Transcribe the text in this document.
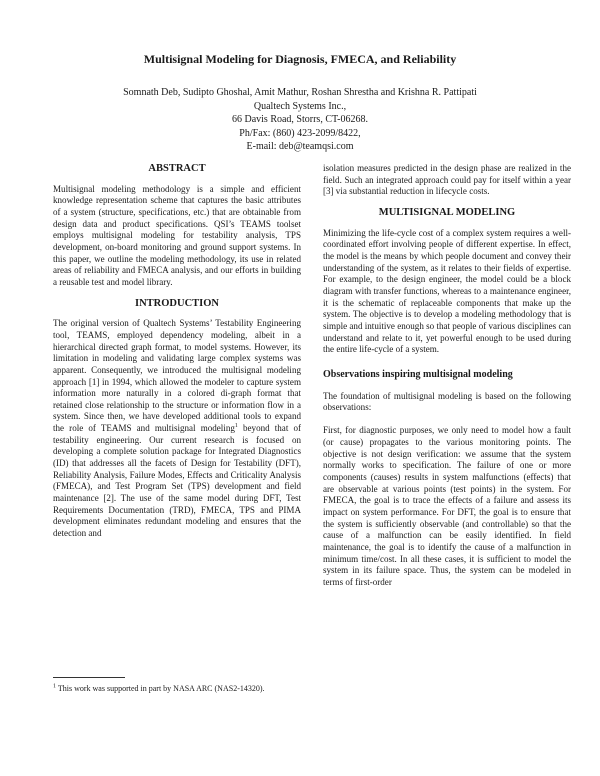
Multisignal Modeling for Diagnosis, FMECA, and Reliability
Somnath Deb, Sudipto Ghoshal, Amit Mathur, Roshan Shrestha and Krishna R. Pattipati
Qualtech Systems Inc.,
66 Davis Road, Storrs, CT-06268.
Ph/Fax: (860) 423-2099/8422,
E-mail: deb@teamqsi.com
ABSTRACT

Multisignal modeling methodology is a simple and efficient knowledge representation scheme that captures the basic attributes of a system (structure, specifications, etc.) that are obtainable from design data and product specifications. QSI’s TEAMS toolset employs multisignal modeling for testability analysis, TPS development, on-board monitoring and ground support systems. In this paper, we outline the modeling methodology, its use in related areas of reliability and FMECA analysis, and our efforts in building a reusable test and model library.

INTRODUCTION

The original version of Qualtech Systems’ Testability Engineering tool, TEAMS, employed dependency modeling, albeit in a hierarchical directed graph format, to model systems. However, its limitation in modeling and validating large complex systems was apparent. Consequently, we introduced the multisignal modeling approach [1] in 1994, which allowed the modeler to capture system information more naturally in a colored di-graph format that retained close relationship to the structure or information flow in a system. Since then, we have developed additional tools to expand the role of TEAMS and multisignal modeling$^1$ beyond that of testability engineering. Our current research is focused on developing a complete solution package for Integrated Diagnostics (ID) that addresses all the facets of Design for Testability (DFT), Reliability Analysis, Failure Modes, Effects and Criticality Analysis (FMECA), and Test Program Set (TPS) development and field maintenance [2]. The use of the same model during DFT, Test Requirements Documentation (TRD), FMECA, TPS and PIMA development eliminates redundant modeling and ensures that the detection and

$^1$ This work was supported in part by NASA ARC (NAS2-14320).

isolation measures predicted in the design phase are realized in the field. Such an integrated approach could pay for itself within a year [3] via substantial reduction in lifecycle costs.

MULTISIGNAL MODELING

Minimizing the life-cycle cost of a complex system requires a well-coordinated effort involving people of different expertise. In effect, the model is the means by which people document and convey their understanding of the system, as it relates to their fields of expertise. For example, to the design engineer, the model could be a block diagram with transfer functions, whereas to a maintenance engineer, it is the schematic of replaceable components that make up the system. The objective is to develop a modeling methodology that is simple and intuitive enough so that people of various disciplines can understand and relate to it, yet powerful enough to be used during the entire life-cycle of a system.

Observations inspiring multisignal modeling

The foundation of multisignal modeling is based on the following observations:

First, for diagnostic purposes, we only need to model how a fault (or cause) propagates to the various monitoring points. The objective is not design verification: we assume that the system normally works to specification. The failure of one or more components (causes) results in system malfunctions (effects) that are observable at various points (test points) in the system. For FMECA, the goal is to trace the effects of a failure and assess its impact on system performance. For DFT, the goal is to ensure that the system is sufficiently observable (and controllable) so that the cause of a malfunction can be easily identified. In field maintenance, the goal is to identify the cause of a malfunction in minimum time/cost. In all these cases, it is sufficient to model the system in its failure space. Thus, the system can be modeled in terms of first-order
